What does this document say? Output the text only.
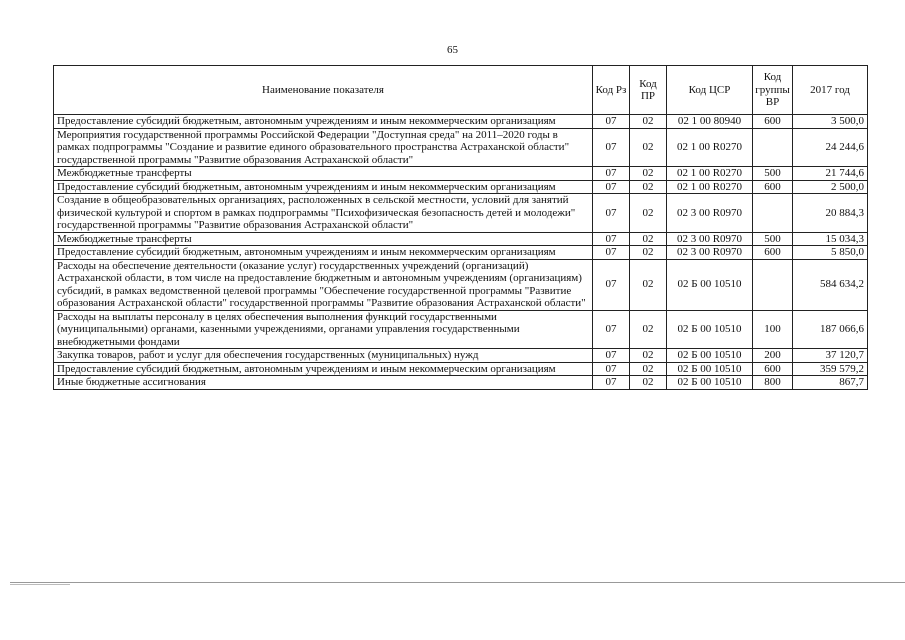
65
Наименование показателя	Код Рз	Код ПР	Код ЦСР	Код группы ВР	2017 год
Предоставление субсидий бюджетным, автономным учреждениям и иным некоммерческим организациям	07	02	02 1 00 80940	600	3 500,0
Мероприятия государственной программы Российской Федерации "Доступная среда" на 2011–2020 годы в рамках подпрограммы "Создание и развитие единого образовательного пространства Астраханской области" государственной программы "Развитие образования Астраханской области"	07	02	02 1 00 R0270		24 244,6
Межбюджетные трансферты	07	02	02 1 00 R0270	500	21 744,6
Предоставление субсидий бюджетным, автономным учреждениям и иным некоммерческим организациям	07	02	02 1 00 R0270	600	2 500,0
Создание в общеобразовательных организациях, расположенных в сельской местности, условий для занятий физической культурой и спортом в рамках подпрограммы "Психофизическая безопасность детей и молодежи" государственной программы "Развитие образования Астраханской области"	07	02	02 3 00 R0970		20 884,3
Межбюджетные трансферты	07	02	02 3 00 R0970	500	15 034,3
Предоставление субсидий бюджетным, автономным учреждениям и иным некоммерческим организациям	07	02	02 3 00 R0970	600	5 850,0
Расходы на обеспечение деятельности (оказание услуг) государственных учреждений (организаций) Астраханской области, в том числе на предоставление бюджетным и автономным учреждениям (организациям) субсидий, в рамках ведомственной целевой программы "Обеспечение государственной программы "Развитие образования Астраханской области" государственной программы "Развитие образования Астраханской области"	07	02	02 Б 00 10510		584 634,2
Расходы на выплаты персоналу в целях обеспечения выполнения функций государственными (муниципальными) органами, казенными учреждениями, органами управления государственными внебюджетными фондами	07	02	02 Б 00 10510	100	187 066,6
Закупка товаров, работ и услуг для обеспечения государственных (муниципальных) нужд	07	02	02 Б 00 10510	200	37 120,7
Предоставление субсидий бюджетным, автономным учреждениям и иным некоммерческим организациям	07	02	02 Б 00 10510	600	359 579,2
Иные бюджетные ассигнования	07	02	02 Б 00 10510	800	867,7
